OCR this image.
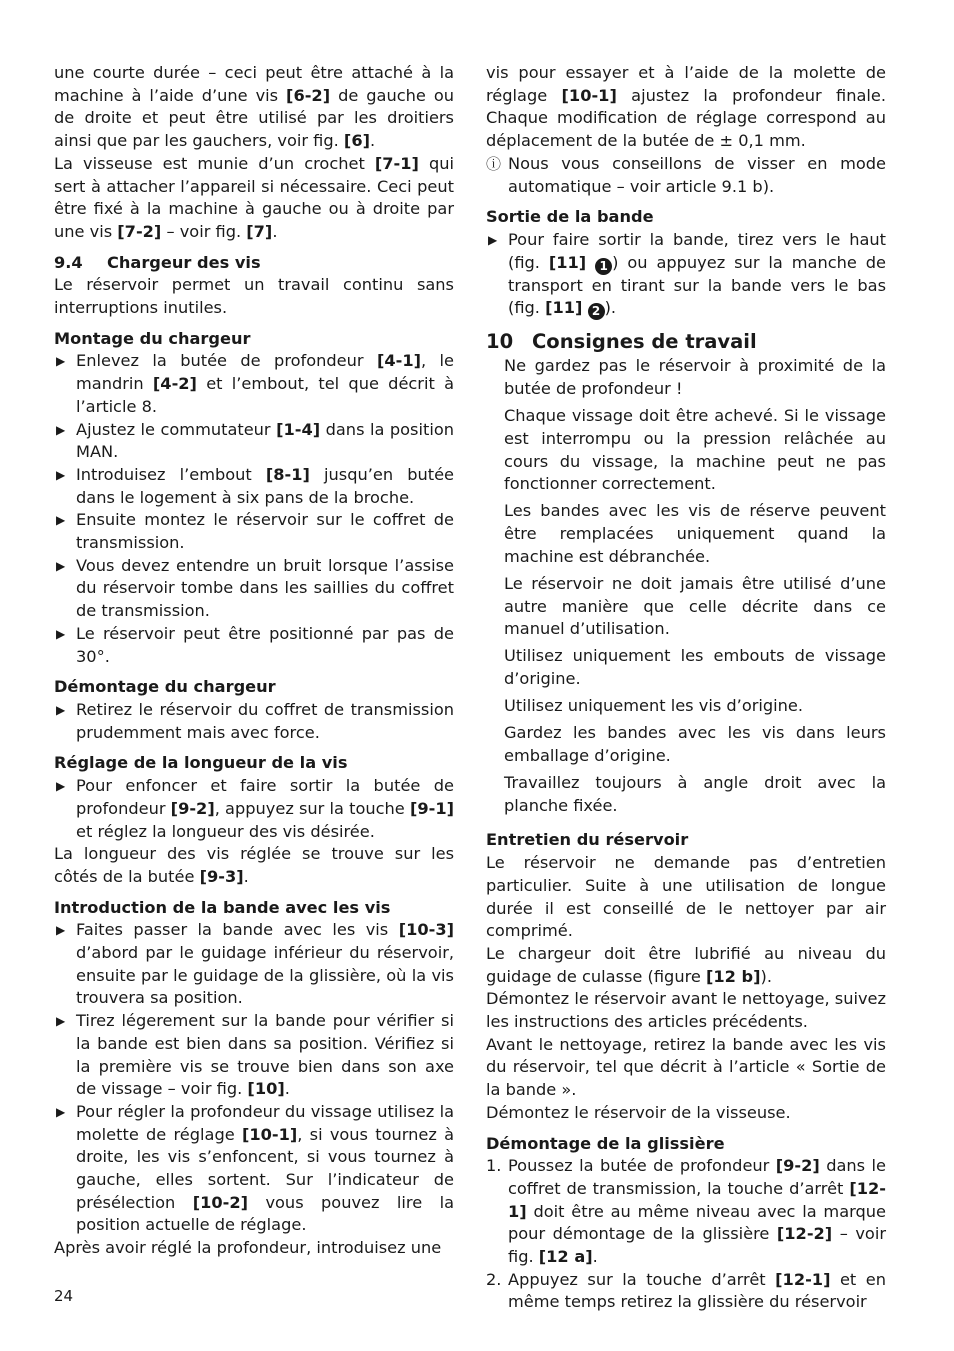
une courte durée – ceci peut être attaché à la machine à l’aide d’une vis [6-2] de gauche ou de droite et peut être utilisé par les droitiers ainsi que par les gauchers, voir fig. [6].

La visseuse est munie d’un crochet [7-1] qui sert à attacher l’appareil si nécessaire. Ceci peut être fixé à la machine à gauche ou à droite par une vis [7-2] – voir fig. [7].

9.4 Chargeur des vis

Le réservoir permet un travail continu sans interruptions inutiles.

Montage du chargeur

▶ Enlevez la butée de profondeur [4-1], le mandrin [4-2] et l’embout, tel que décrit à l’article 8.
▶ Ajustez le commutateur [1-4] dans la position MAN.
▶ Introduisez l’embout [8-1] jusqu’en butée dans le logement à six pans de la broche.
▶ Ensuite montez le réservoir sur le coffret de transmission.
▶ Vous devez entendre un bruit lorsque l’assise du réservoir tombe dans les saillies du coffret de transmission.
▶ Le réservoir peut être positionné par pas de 30°.

Démontage du chargeur

▶ Retirez le réservoir du coffret de transmission prudemment mais avec force.

Réglage de la longueur de la vis

▶ Pour enfoncer et faire sortir la butée de profondeur [9-2], appuyez sur la touche [9-1] et réglez la longueur des vis désirée.

La longueur des vis réglée se trouve sur les côtés de la butée [9-3].

Introduction de la bande avec les vis

▶ Faites passer la bande avec les vis [10-3] d’abord par le guidage inférieur du réservoir, ensuite par le guidage de la glissière, où la vis trouvera sa position.
▶ Tirez légerement sur la bande pour vérifier si la bande est bien dans sa position. Vérifiez si la première vis se trouve bien dans son axe de vissage – voir fig. [10].
▶ Pour régler la profondeur du vissage utilisez la molette de réglage [10-1], si vous tournez à droite, les vis s’enfoncent, si vous tournez à gauche, elles sortent. Sur l’indicateur de présélection [10-2] vous pouvez lire la position actuelle de réglage.

Après avoir réglé la profondeur, introduisez une

vis pour essayer et à l’aide de la molette de réglage [10-1] ajustez la profondeur finale. Chaque modification de réglage correspond au déplacement de la butée de ± 0,1 mm.

ⓘ Nous vous conseillons de visser en mode automatique – voir article 9.1 b).

Sortie de la bande

▶ Pour faire sortir la bande, tirez vers le haut (fig. [11] 1 ) ou appuyez sur la manche de transport en tirant sur la bande vers le bas (fig. [11] 2 ).

10 Consignes de travail

Ne gardez pas le réservoir à proximité de la butée de profondeur !

Chaque vissage doit être achevé. Si le vissage est interrompu ou la pression relâchée au cours du vissage, la machine peut ne pas fonctionner correctement.

Les bandes avec les vis de réserve peuvent être remplacées uniquement quand la machine est débranchée.

Le réservoir ne doit jamais être utilisé d’une autre manière que celle décrite dans ce manuel d’utilisation.

Utilisez uniquement les embouts de vissage d’origine.

Utilisez uniquement les vis d’origine.

Gardez les bandes avec les vis dans leurs emballage d’origine.

Travaillez toujours à angle droit avec la planche fixée.

Entretien du réservoir

Le réservoir ne demande pas d’entretien particulier. Suite à une utilisation de longue durée il est conseillé de le nettoyer par air comprimé.

Le chargeur doit être lubrifié au niveau du guidage de culasse (figure [12 b]).

Démontez le réservoir avant le nettoyage, suivez les instructions des articles précédents.

Avant le nettoyage, retirez la bande avec les vis du réservoir, tel que décrit à l’article « Sortie de la bande ».

Démontez le réservoir de la visseuse.

Démontage de la glissière

1. Poussez la butée de profondeur [9-2] dans le coffret de transmission, la touche d’arrêt [12-1] doit être au même niveau avec la marque pour démontage de la glissière [12-2] – voir fig. [12 a].
2. Appuyez sur la touche d’arrêt [12-1] et en même temps retirez la glissière du réservoir
24
